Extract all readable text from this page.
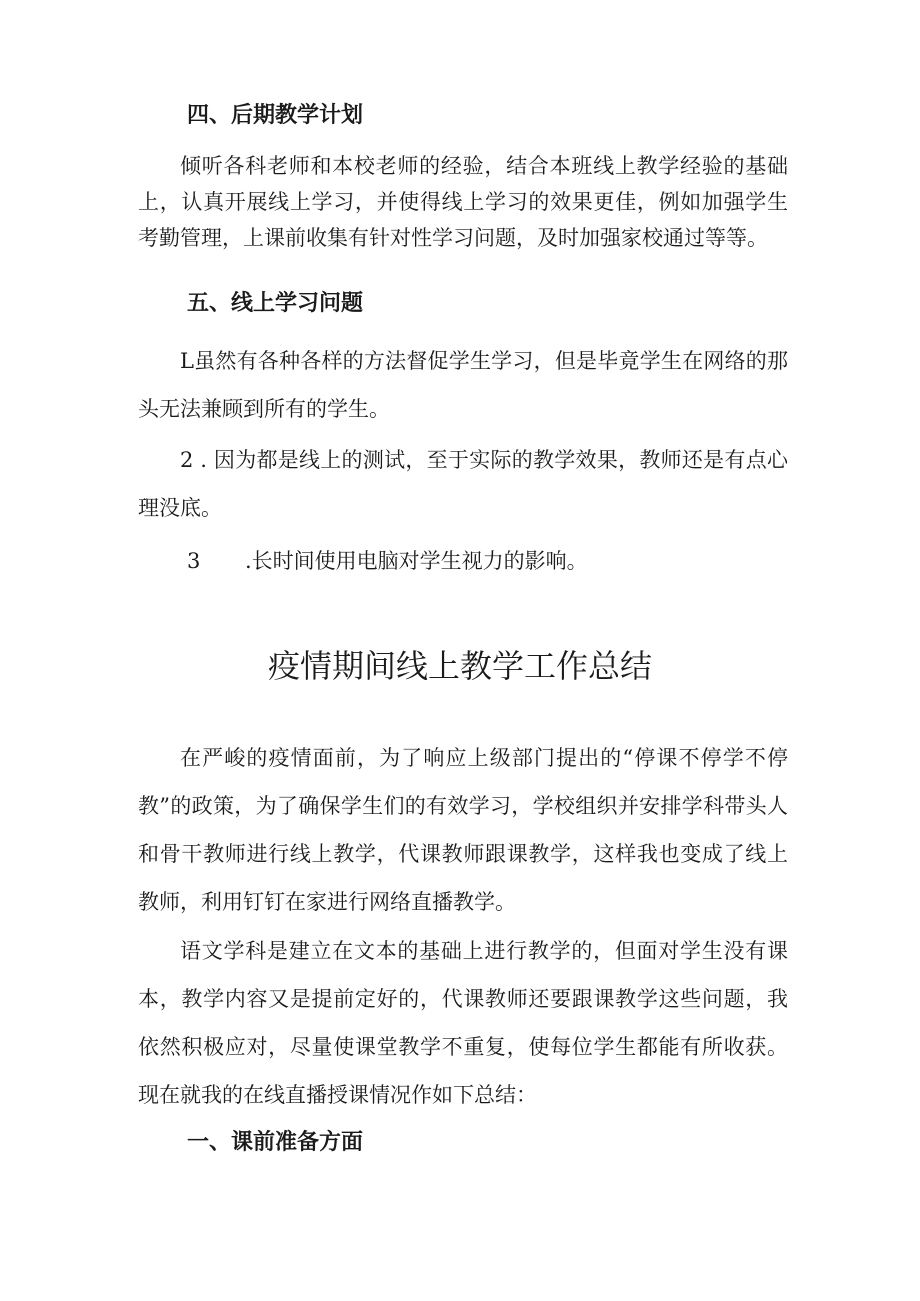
四、后期教学计划
倾听各科老师和本校老师的经验，结合本班线上教学经验的基础上，认真开展线上学习，并使得线上学习的效果更佳，例如加强学生考勤管理，上课前收集有针对性学习问题，及时加强家校通过等等。
五、线上学习问题
L虽然有各种各样的方法督促学生学习，但是毕竟学生在网络的那头无法兼顾到所有的学生。
2 . 因为都是线上的测试，至于实际的教学效果，教师还是有点心理没底。
3 .长时间使用电脑对学生视力的影响。
疫情期间线上教学工作总结
在严峻的疫情面前，为了响应上级部门提出的“停课不停学不停教”的政策，为了确保学生们的有效学习，学校组织并安排学科带头人和骨干教师进行线上教学，代课教师跟课教学，这样我也变成了线上教师，利用钉钉在家进行网络直播教学。
语文学科是建立在文本的基础上进行教学的，但面对学生没有课本，教学内容又是提前定好的，代课教师还要跟课教学这些问题，我依然积极应对，尽量使课堂教学不重复，使每位学生都能有所收获。现在就我的在线直播授课情况作如下总结：
一、课前准备方面
